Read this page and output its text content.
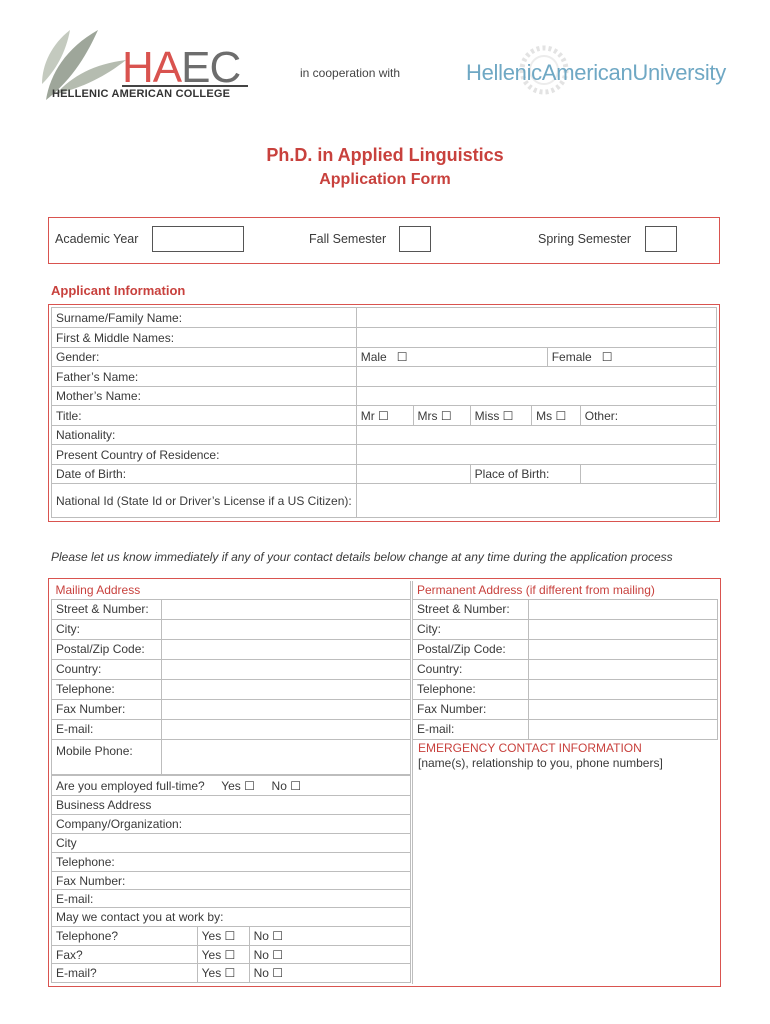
HAEC
HELLENIC AMERICAN COLLEGE
in cooperation with	HellenicAmericanUniversity
Ph.D. in Applied Linguistics
Application Form
Academic Year	Fall Semester	Spring Semester
Applicant Information
Surname/Family Name:						
First & Middle Names:						
Gender:	Male ☐				Female ☐	
Father’s Name:						
Mother’s Name:						
Title:	Mr ☐	Mrs ☐	Miss ☐	Ms ☐		Other:
Nationality:						
Present Country of Residence:						
Date of Birth:			Place of Birth:			
National Id (State Id or Driver’s License if a US Citizen):						
Please let us know immediately if any of your contact details below change at any time during the application process
Mailing Address	
Street & Number:	
City:	
Postal/Zip Code:	
Country:	
Telephone:	
Fax Number:	
E-mail:	
Mobile Phone:	
Permanent Address (if different from mailing)	
Street & Number:	
City:	
Postal/Zip Code:	
Country:	
Telephone:	
Fax Number:	
E-mail:	
EMERGENCY CONTACT INFORMATION
[name(s), relationship to you, phone numbers]
Are you employed full-time? Yes ☐ No ☐		
Business Address		
Company/Organization:		
City		
Telephone:		
Fax Number:		
E-mail:		
May we contact you at work by:		
Telephone?	Yes ☐	No ☐
Fax?	Yes ☐	No ☐
E-mail?	Yes ☐	No ☐
